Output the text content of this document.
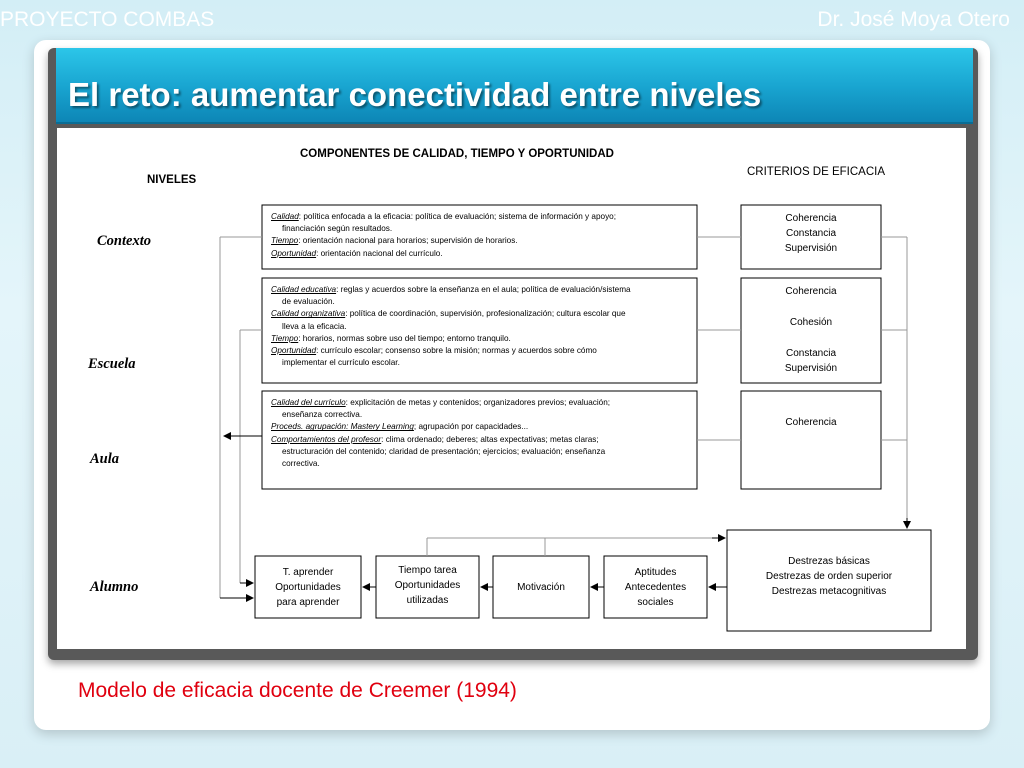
PROYECTO COMBAS	Dr. José Moya Otero
El reto: aumentar conectividad entre niveles
COMPONENTES DE CALIDAD, TIEMPO Y OPORTUNIDAD
NIVELES
CRITERIOS DE EFICACIA
Contexto
Escuela
Aula
Alumno
Calidad: política enfocada a la eficacia: política de evaluación; sistema de información y apoyo;
financiación según resultados.
Tiempo: orientación nacional para horarios; supervisión de horarios.
Oportunidad: orientación nacional del currículo.
Calidad educativa: reglas y acuerdos sobre la enseñanza en el aula; política de evaluación/sistema
de evaluación.
Calidad organizativa: política de coordinación, supervisión, profesionalización; cultura escolar que
lleva a la eficacia.
Tiempo: horarios, normas sobre uso del tiempo; entorno tranquilo.
Oportunidad: currículo escolar; consenso sobre la misión; normas y acuerdos sobre cómo
implementar el currículo escolar.
Calidad del currículo: explicitación de metas y contenidos; organizadores previos; evaluación;
enseñanza correctiva.
Proceds. agrupación: Mastery Learning; agrupación por capacidades...
Comportamientos del profesor: clima ordenado; deberes; altas expectativas; metas claras;
estructuración del contenido; claridad de presentación; ejercicios; evaluación; enseñanza
correctiva.
Coherencia
Constancia
Supervisión
Coherencia
Cohesión
Constancia
Supervisión
Coherencia
T. aprender
Oportunidades
para aprender
Tiempo tarea
Oportunidades
utilizadas
Motivación
Aptitudes
Antecedentes
sociales
Destrezas básicas
Destrezas de orden superior
Destrezas metacognitivas
Modelo de eficacia docente de Creemer (1994)
